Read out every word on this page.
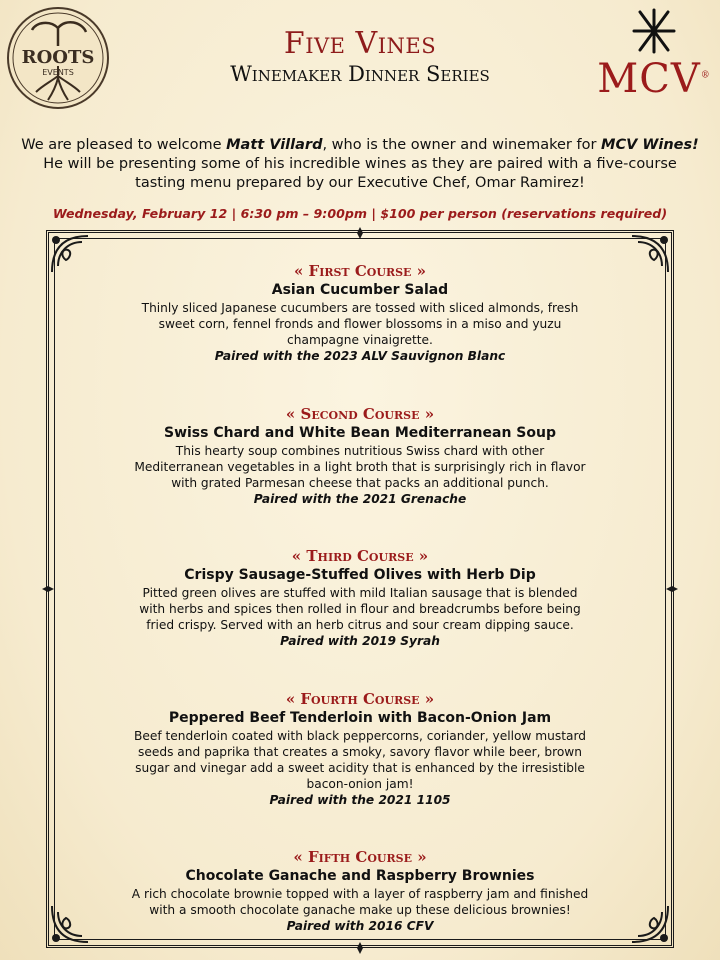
ROOTS
EVENTS	MCV®
Five Vines
Winemaker Dinner Series
We are pleased to welcome Matt Villard, who is the owner and winemaker for MCV Wines!
He will be presenting some of his incredible wines as they are paired with a five-course
tasting menu prepared by our Executive Chef, Omar Ramirez!
Wednesday, February 12 | 6:30 pm – 9:00pm | $100 per person (reservations required)
« First Course »
Asian Cucumber Salad
Thinly sliced Japanese cucumbers are tossed with sliced almonds, fresh
sweet corn, fennel fronds and flower blossoms in a miso and yuzu
champagne vinaigrette.
Paired with the 2023 ALV Sauvignon Blanc
« Second Course »
Swiss Chard and White Bean Mediterranean Soup
This hearty soup combines nutritious Swiss chard with other
Mediterranean vegetables in a light broth that is surprisingly rich in flavor
with grated Parmesan cheese that packs an additional punch.
Paired with the 2021 Grenache
« Third Course »
Crispy Sausage-Stuffed Olives with Herb Dip
Pitted green olives are stuffed with mild Italian sausage that is blended
with herbs and spices then rolled in flour and breadcrumbs before being
fried crispy. Served with an herb citrus and sour cream dipping sauce.
Paired with 2019 Syrah
« Fourth Course »
Peppered Beef Tenderloin with Bacon-Onion Jam
Beef tenderloin coated with black peppercorns, coriander, yellow mustard
seeds and paprika that creates a smoky, savory flavor while beer, brown
sugar and vinegar add a sweet acidity that is enhanced by the irresistible
bacon-onion jam!
Paired with the 2021 1105
« Fifth Course »
Chocolate Ganache and Raspberry Brownies
A rich chocolate brownie topped with a layer of raspberry jam and finished
with a smooth chocolate ganache make up these delicious brownies!
Paired with 2016 CFV
